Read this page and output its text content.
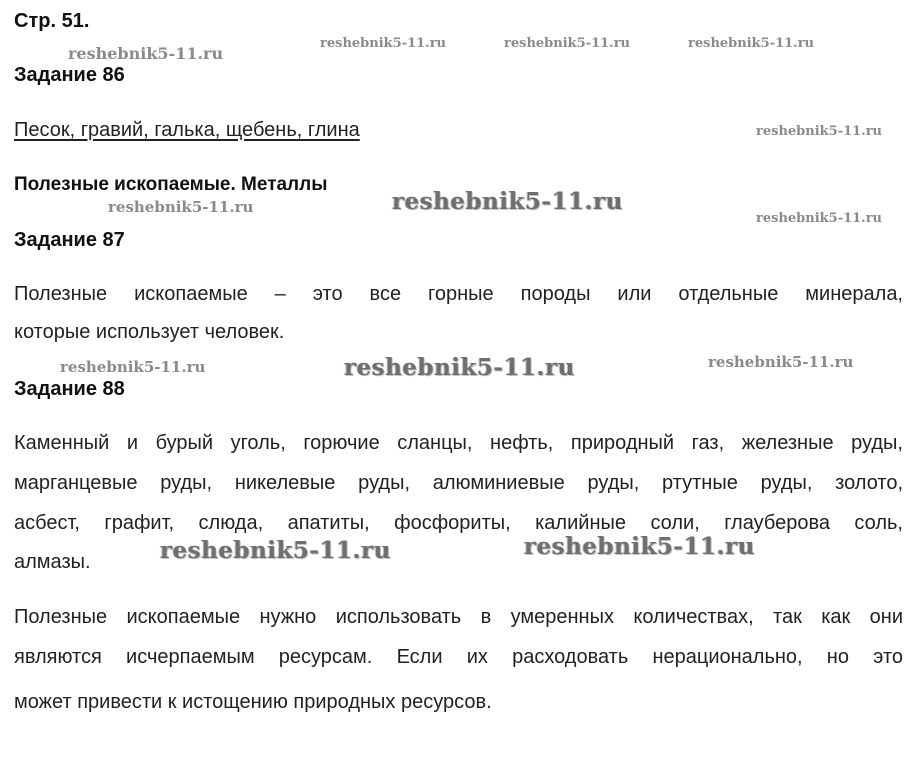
Стр. 51.
reshebnik5-11.ru
reshebnik5-11.ru	reshebnik5-11.ru	reshebnik5-11.ru
reshebnik5-11.ru
reshebnik5-11.ru
reshebnik5-11.ru
reshebnik5-11.ru	reshebnik5-11.ru
reshebnik5-11.ru
reshebnik5-11.ru
reshebnik5-11.ru	reshebnik5-11.ru
Задание 86
Песок, гравий, галька, щебень, глина
Полезные ископаемые. Металлы
Задание 87
Полезные ископаемые – это все горные породы или отдельные минерала,
которые использует человек.
Задание 88
Каменный и бурый уголь, горючие сланцы, нефть, природный газ, железные руды,
марганцевые руды, никелевые руды, алюминиевые руды, ртутные руды, золото,
асбест, графит, слюда, апатиты, фосфориты, калийные соли, глауберова соль,
алмазы.
Полезные ископаемые нужно использовать в умеренных количествах, так как они
являются исчерпаемым ресурсам. Если их расходовать нерационально, но это
может привести к истощению природных ресурсов.
